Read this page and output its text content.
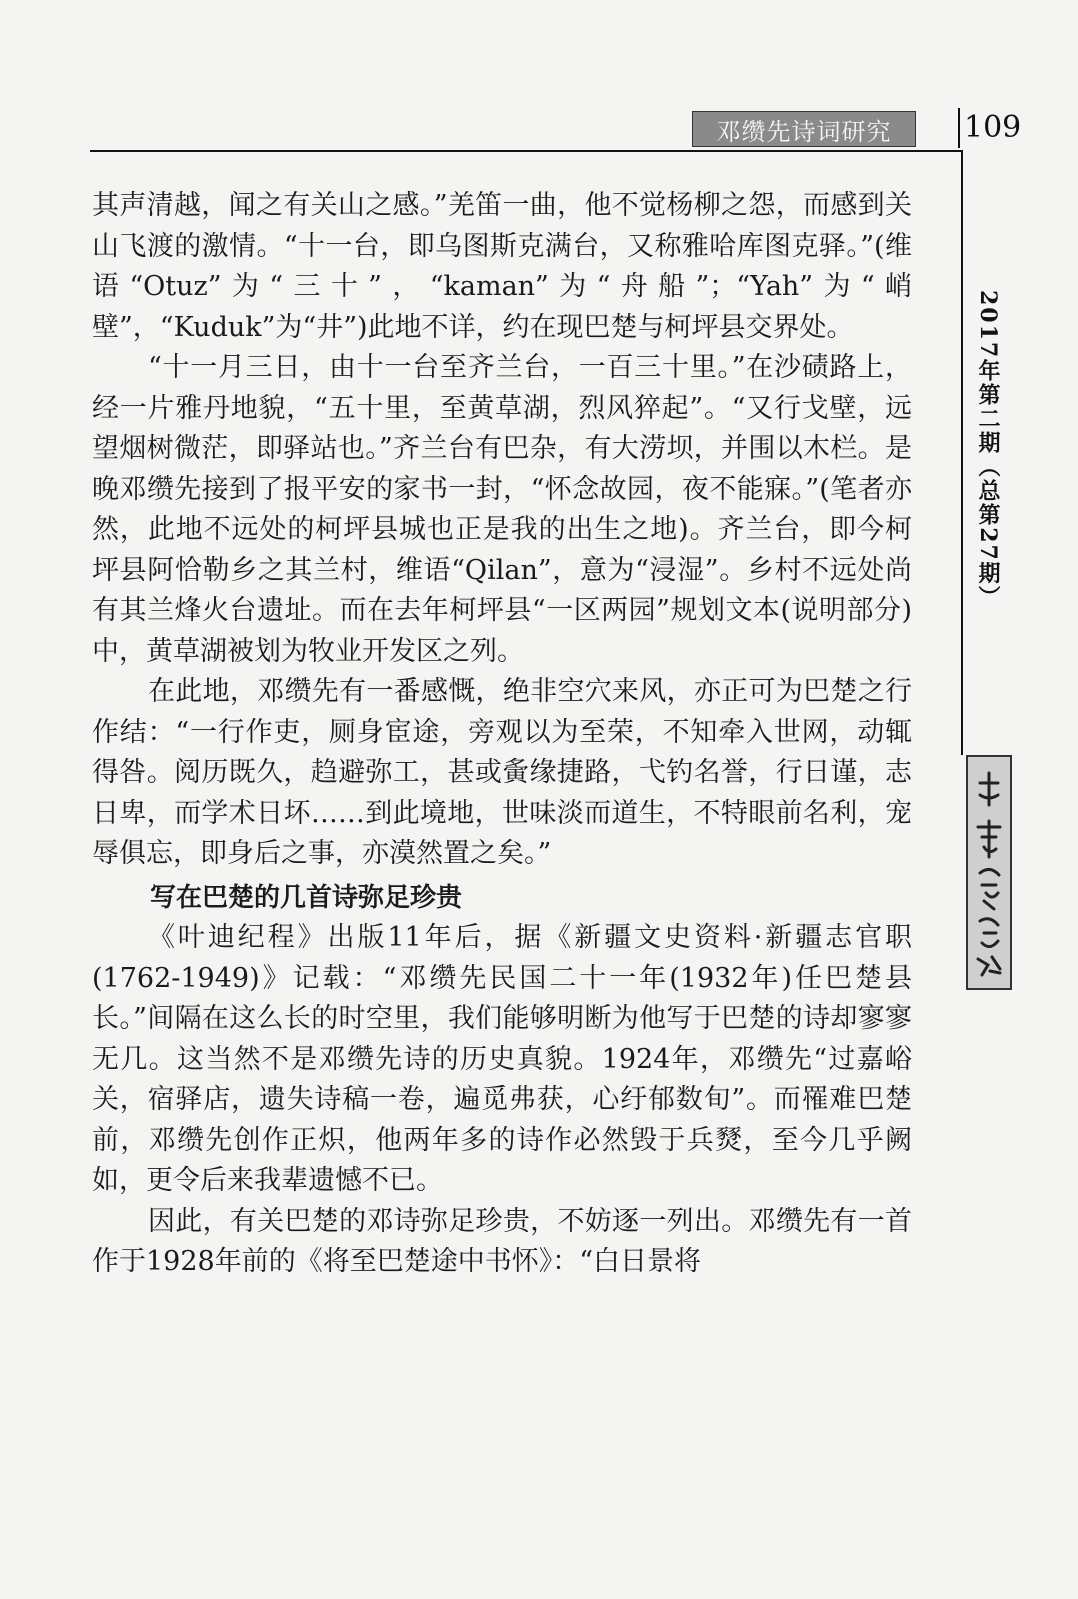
邓缵先诗词研究 109
2017年第二期（总第27期）

其声清越，闻之有关山之感。”羌笛一曲，他不觉杨柳之怨，而感到关山飞渡的激情。“十一台，即乌图斯克满台，又称雅哈库图克驿。”(维语“Otuz”为“三十”，“kaman”为“舟船”；“Yah”为“峭壁”，“Kuduk”为“井”)此地不详，约在现巴楚与柯坪县交界处。

“十一月三日，由十一台至齐兰台，一百三十里。”在沙碛路上，经一片雅丹地貌，“五十里，至黄草湖，烈风猝起”。“又行戈壁，远望烟树微茫，即驿站也。”齐兰台有巴杂，有大涝坝，并围以木栏。是晚邓缵先接到了报平安的家书一封，“怀念故园，夜不能寐。”(笔者亦然，此地不远处的柯坪县城也正是我的出生之地)。齐兰台，即今柯坪县阿恰勒乡之其兰村，维语“Qilan”，意为“浸湿”。乡村不远处尚有其兰烽火台遗址。而在去年柯坪县“一区两园”规划文本(说明部分)中，黄草湖被划为牧业开发区之列。

在此地，邓缵先有一番感慨，绝非空穴来风，亦正可为巴楚之行作结：“一行作吏，厕身宦途，旁观以为至荣，不知牵入世网，动辄得咎。阅历既久，趋避弥工，甚或夤缘捷路，弋钓名誉，行日谨，志日卑，而学术日坏……到此境地，世味淡而道生，不特眼前名利，宠辱俱忘，即身后之事，亦漠然置之矣。”

写在巴楚的几首诗弥足珍贵

《叶迪纪程》出版11年后，据《新疆文史资料·新疆志官职(1762-1949)》记载：“邓缵先民国二十一年(1932年)任巴楚县长。”间隔在这么长的时空里，我们能够明断为他写于巴楚的诗却寥寥无几。这当然不是邓缵先诗的历史真貌。1924年，邓缵先“过嘉峪关，宿驿店，遗失诗稿一卷，遍觅弗获，心纡郁数旬”。而罹难巴楚前，邓缵先创作正炽，他两年多的诗作必然毁于兵燹，至今几乎阙如，更令后来我辈遗憾不已。

因此，有关巴楚的邓诗弥足珍贵，不妨逐一列出。邓缵先有一首作于1928年前的《将至巴楚途中书怀》：“白日景将
